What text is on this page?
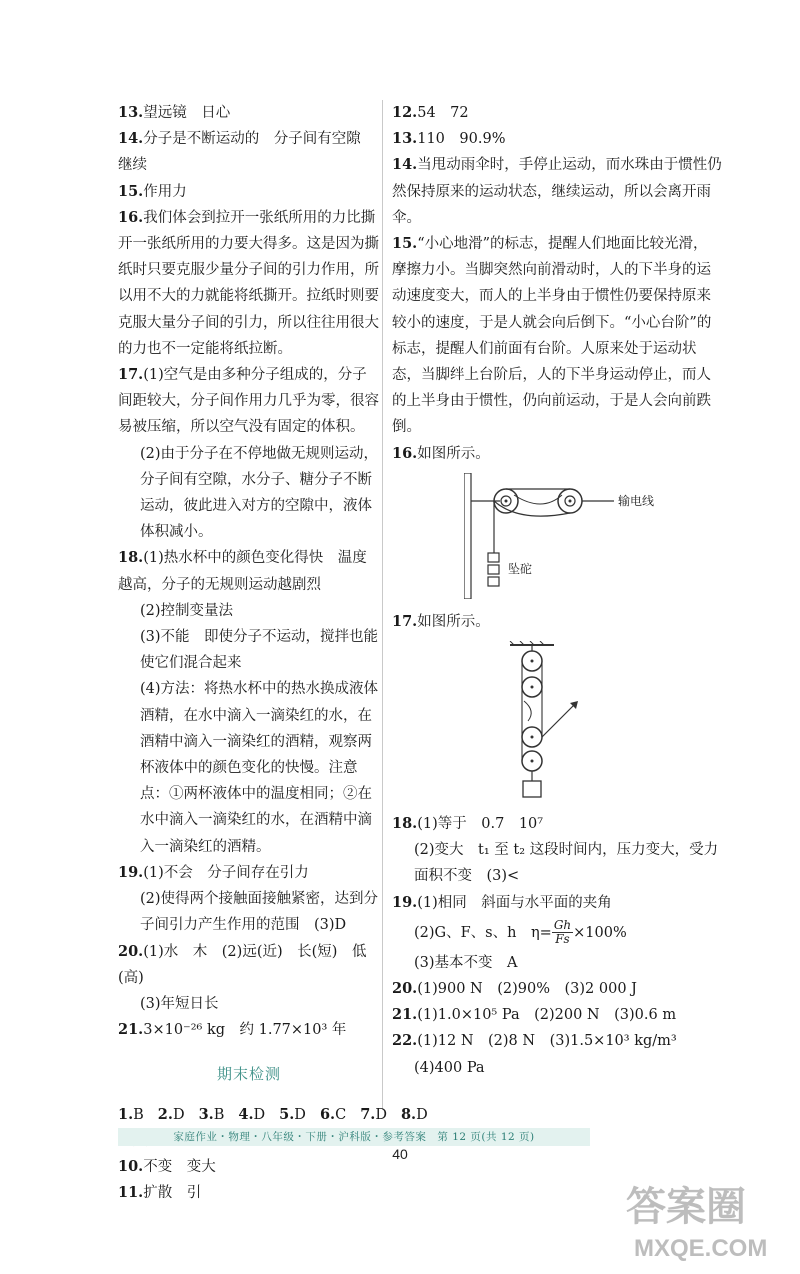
13.望远镜　日心
14.分子是不断运动的　分子间有空隙　继续
15.作用力
16.我们体会到拉开一张纸所用的力比撕开一张纸所用的力要大得多。这是因为撕纸时只要克服少量分子间的引力作用，所以用不大的力就能将纸撕开。拉纸时则要克服大量分子间的引力，所以往往用很大的力也不一定能将纸拉断。
17.(1)空气是由多种分子组成的，分子间距较大，分子间作用力几乎为零，很容易被压缩，所以空气没有固定的体积。
(2)由于分子在不停地做无规则运动，分子间有空隙，水分子、糖分子不断运动，彼此进入对方的空隙中，液体体积减小。
18.(1)热水杯中的颜色变化得快　温度越高，分子的无规则运动越剧烈
(2)控制变量法
(3)不能　即使分子不运动，搅拌也能使它们混合起来
(4)方法：将热水杯中的热水换成液体酒精，在水中滴入一滴染红的水，在酒精中滴入一滴染红的酒精，观察两杯液体中的颜色变化的快慢。注意点：①两杯液体中的温度相同；②在水中滴入一滴染红的水，在酒精中滴入一滴染红的酒精。
19.(1)不会　分子间存在引力
(2)使得两个接触面接触紧密，达到分子间引力产生作用的范围　(3)D
20.(1)水　木　(2)远(近)　长(短)　低(高)
(3)年短日长
21.3×10⁻²⁶ kg　约 1.77×10³ 年
期末检测
1.B 2.D 3.B 4.D 5.D 6.C 7.D 8.D
10.不变　变大
11.扩散　引
12.54　72
13.110　90.9%
14.当甩动雨伞时，手停止运动，而水珠由于惯性仍然保持原来的运动状态，继续运动，所以会离开雨伞。
15.“小心地滑”的标志，提醒人们地面比较光滑，摩擦力小。当脚突然向前滑动时，人的下半身的运动速度变大，而人的上半身由于惯性仍要保持原来较小的速度，于是人就会向后倒下。“小心台阶”的标志，提醒人们前面有台阶。人原来处于运动状态，当脚绊上台阶后，人的下半身运动停止，而人的上半身由于惯性，仍向前运动，于是人会向前跌倒。
16.如图所示。
坠砣
输电线
17.如图所示。
18.(1)等于　0.7　10⁷
(2)变大　t₁ 至 t₂ 这段时间内，压力变大，受力面积不变　(3)<
19.(1)相同　斜面与水平面的夹角
(2)G、F、s、h　$\eta= \frac{Gh}{Fs} \times 100\%$
(3)基本不变　A
20.(1)900 N　(2)90%　(3)2 000 J
21.(1)1.0×10⁵ Pa　(2)200 N　(3)0.6 m
22.(1)12 N　(2)8 N　(3)1.5×10³ kg/m³
(4)400 Pa
家庭作业・物理・八年级・下册・沪科版・参考答案　第 12 页(共 12 页)
40
答案圈
MXQE.COM
